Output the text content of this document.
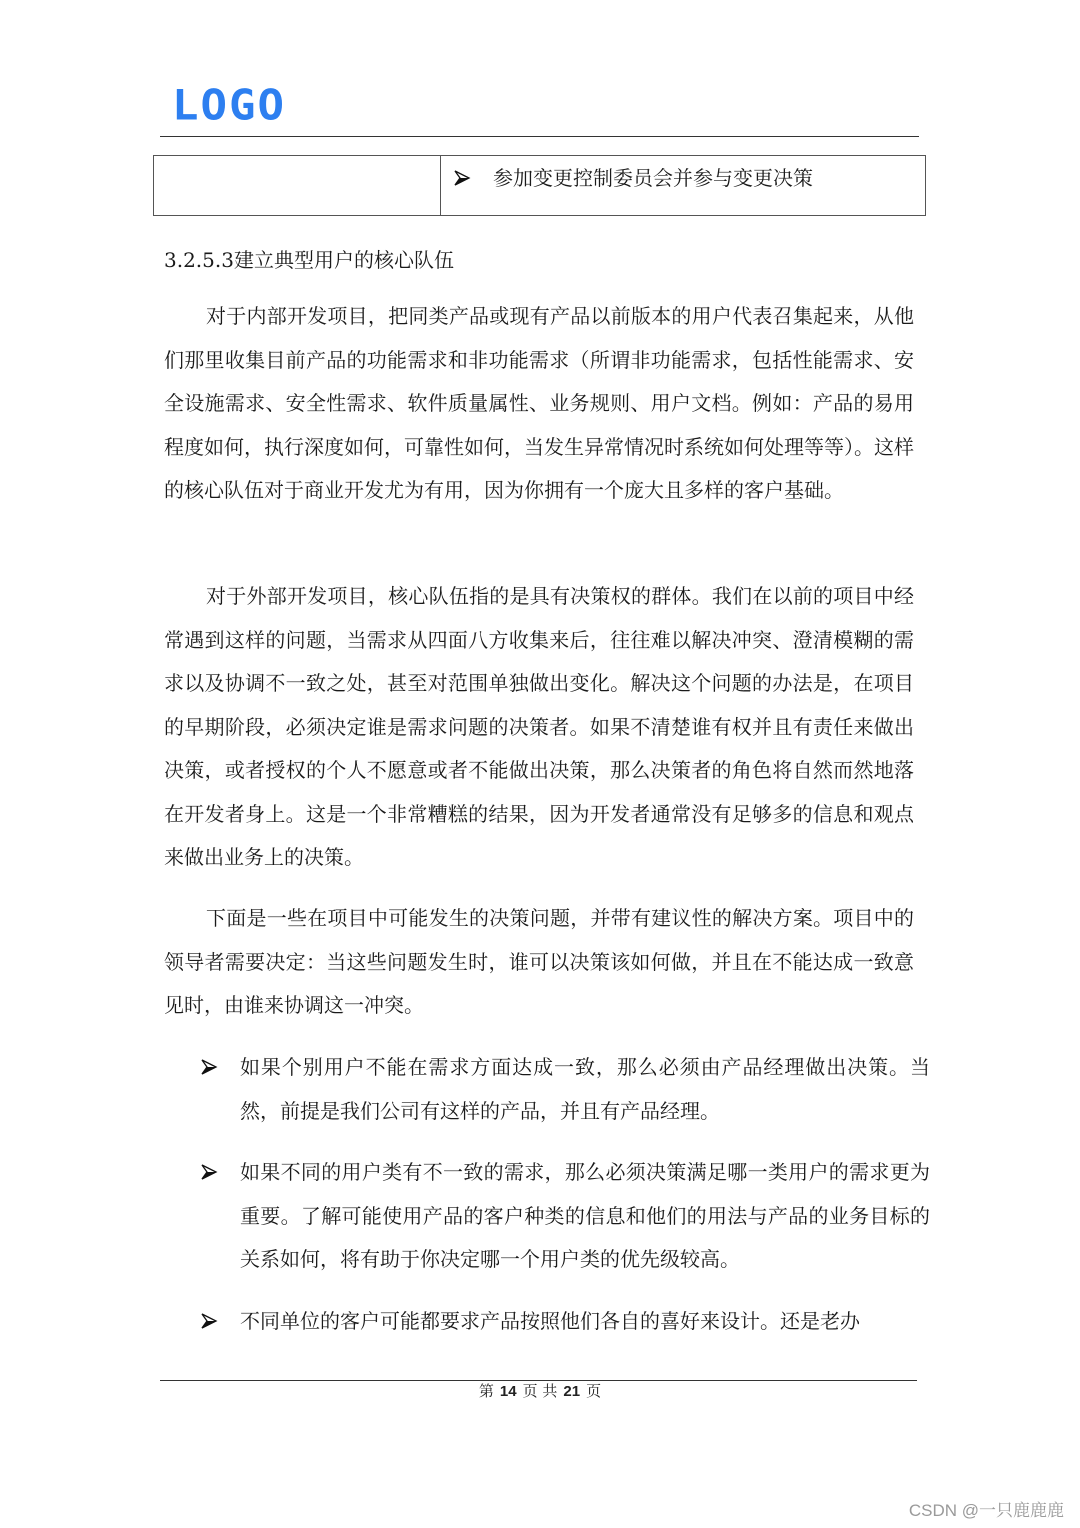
LOGO
参加变更控制委员会并参与变更决策
3.2.5.3建立典型用户的核心队伍

对于内部开发项目，把同类产品或现有产品以前版本的用户代表召集起来，从他们那里收集目前产品的功能需求和非功能需求（所谓非功能需求，包括性能需求、安全设施需求、安全性需求、软件质量属性、业务规则、用户文档。例如：产品的易用程度如何，执行深度如何，可靠性如何，当发生异常情况时系统如何处理等等）。这样的核心队伍对于商业开发尤为有用，因为你拥有一个庞大且多样的客户基础。

对于外部开发项目，核心队伍指的是具有决策权的群体。我们在以前的项目中经常遇到这样的问题，当需求从四面八方收集来后，往往难以解决冲突、澄清模糊的需求以及协调不一致之处，甚至对范围单独做出变化。解决这个问题的办法是，在项目的早期阶段，必须决定谁是需求问题的决策者。如果不清楚谁有权并且有责任来做出决策，或者授权的个人不愿意或者不能做出决策，那么决策者的角色将自然而然地落在开发者身上。这是一个非常糟糕的结果，因为开发者通常没有足够多的信息和观点来做出业务上的决策。

下面是一些在项目中可能发生的决策问题，并带有建议性的解决方案。项目中的领导者需要决定：当这些问题发生时，谁可以决策该如何做，并且在不能达成一致意见时，由谁来协调这一冲突。

如果个别用户不能在需求方面达成一致，那么必须由产品经理做出决策。当然，前提是我们公司有这样的产品，并且有产品经理。

如果不同的用户类有不一致的需求，那么必须决策满足哪一类用户的需求更为重要。了解可能使用产品的客户种类的信息和他们的用法与产品的业务目标的关系如何，将有助于你决定哪一个用户类的优先级较高。

不同单位的客户可能都要求产品按照他们各自的喜好来设计。还是老办

第 14 页 共 21 页
CSDN @一只鹿鹿鹿
